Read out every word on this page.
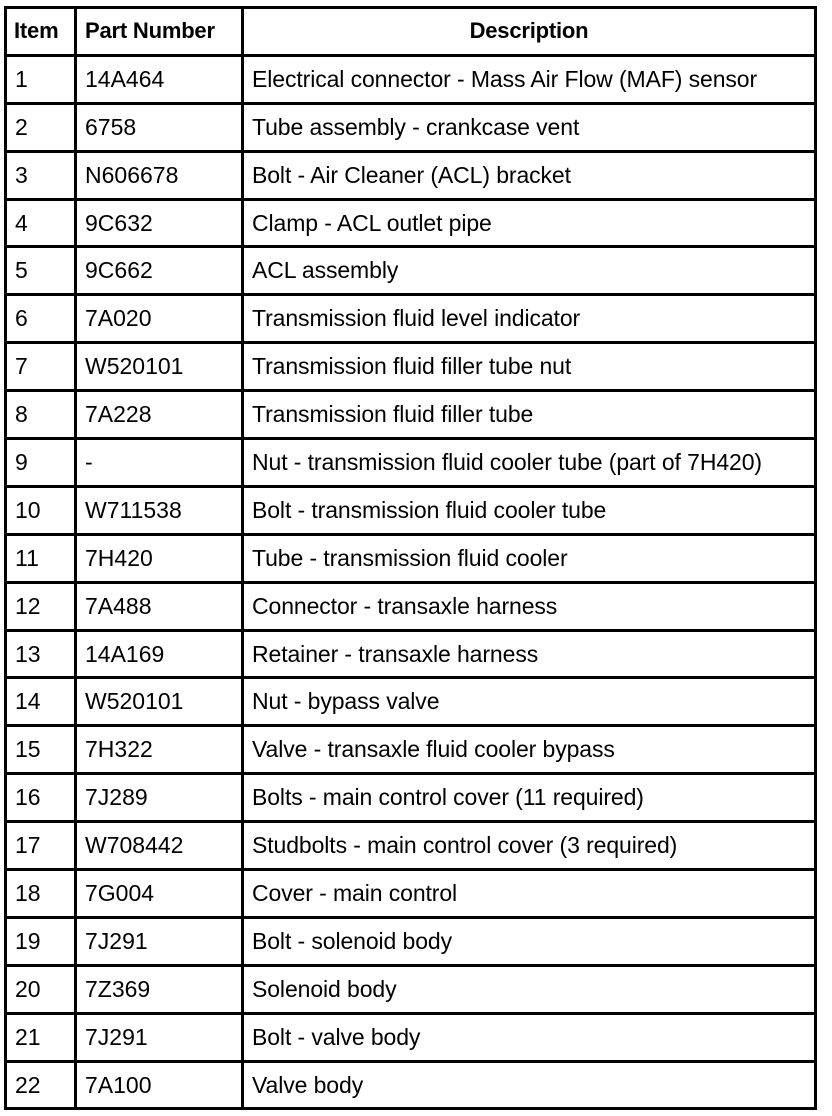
Item	Part Number	Description
1	14A464	Electrical connector - Mass Air Flow (MAF) sensor
2	6758	Tube assembly - crankcase vent
3	N606678	Bolt - Air Cleaner (ACL) bracket
4	9C632	Clamp - ACL outlet pipe
5	9C662	ACL assembly
6	7A020	Transmission fluid level indicator
7	W520101	Transmission fluid filler tube nut
8	7A228	Transmission fluid filler tube
9	-	Nut - transmission fluid cooler tube (part of 7H420)
10	W711538	Bolt - transmission fluid cooler tube
11	7H420	Tube - transmission fluid cooler
12	7A488	Connector - transaxle harness
13	14A169	Retainer - transaxle harness
14	W520101	Nut - bypass valve
15	7H322	Valve - transaxle fluid cooler bypass
16	7J289	Bolts - main control cover (11 required)
17	W708442	Studbolts - main control cover (3 required)
18	7G004	Cover - main control
19	7J291	Bolt - solenoid body
20	7Z369	Solenoid body
21	7J291	Bolt - valve body
22	7A100	Valve body
